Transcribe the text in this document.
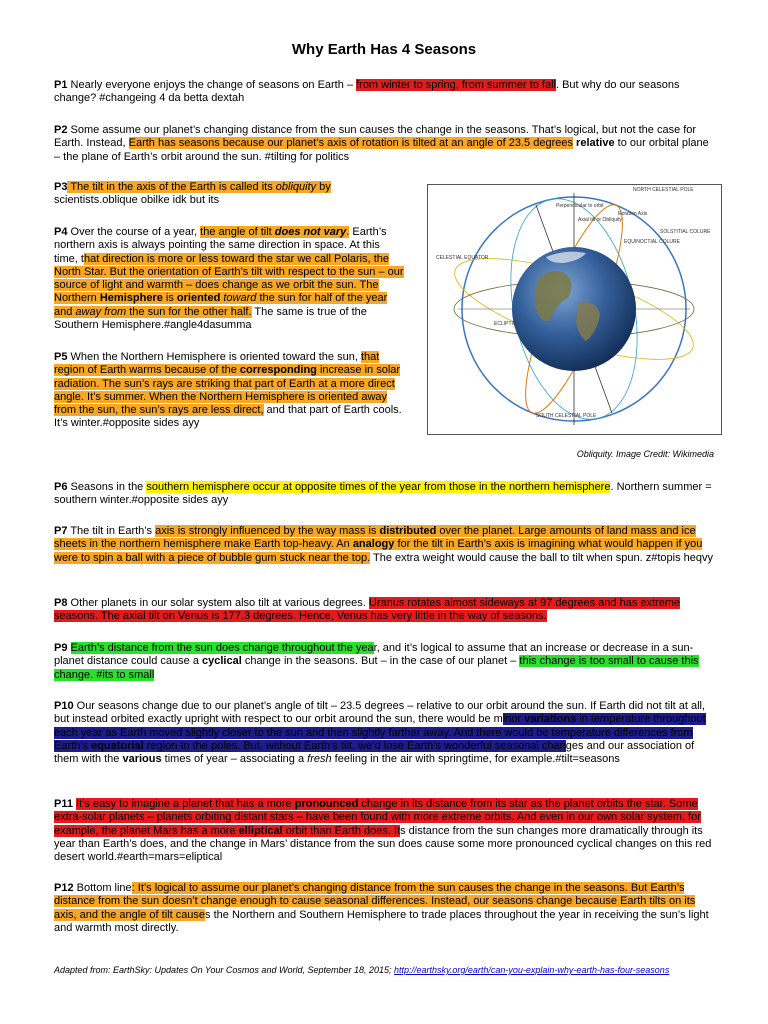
Why Earth Has 4 Seasons
P1 Nearly everyone enjoys the change of seasons on Earth – from winter to spring, from summer to fall. But why do our seasons change? #changeing 4 da betta dextah
P2 Some assume our planet’s changing distance from the sun causes the change in the seasons. That’s logical, but not the case for Earth. Instead, Earth has seasons because our planet’s axis of rotation is tilted at an angle of 23.5 degrees relative to our orbital plane – the plane of Earth’s orbit around the sun. #tilting for politics
P3 The tilt in the axis of the Earth is called its obliquity by scientists.oblique obilke idk but its
P4 Over the course of a year, the angle of tilt does not vary. Earth’s northern axis is always pointing the same direction in space. At this time, that direction is more or less toward the star we call Polaris, the North Star. But the orientation of Earth’s tilt with respect to the sun – our source of light and warmth – does change as we orbit the sun. The Northern Hemisphere is oriented toward the sun for half of the year and away from the sun for the other half. The same is true of the Southern Hemisphere.#angle4dasumma
P5 When the Northern Hemisphere is oriented toward the sun, that region of Earth warms because of the corresponding increase in solar radiation. The sun’s rays are striking that part of Earth at a more direct angle. It’s summer. When the Northern Hemisphere is oriented away from the sun, the sun’s rays are less direct, and that part of Earth cools. It’s winter.#opposite sides ayy
NORTH CELESTIAL POLE
Perpendicular to orbit
Axial tilt or Obliquity
Rotation Axis
CELESTIAL EQUATOR
EQUINOCTIAL COLURE
SOLSTITIAL COLURE
ECLIPTIC
SOUTH CELESTIAL POLE
Obliquity. Image Credit: Wikimedia
P6 Seasons in the southern hemisphere occur at opposite times of the year from those in the northern hemisphere. Northern summer = southern winter.#opposite sides ayy
P7 The tilt in Earth’s axis is strongly influenced by the way mass is distributed over the planet. Large amounts of land mass and ice sheets in the northern hemisphere make Earth top-heavy. An analogy for the tilt in Earth’s axis is imagining what would happen if you were to spin a ball with a piece of bubble gum stuck near the top. The extra weight would cause the ball to tilt when spun. z#topis heqvy
P8 Other planets in our solar system also tilt at various degrees. Uranus rotates almost sideways at 97 degrees and has extreme seasons. The axial tilt on Venus is 177.3 degrees. Hence, Venus has very little in the way of seasons.
P9 Earth’s distance from the sun does change throughout the year, and it’s logical to assume that an increase or decrease in a sun-planet distance could cause a cyclical change in the seasons. But – in the case of our planet – this change is too small to cause this change. #its to small
P10 Our seasons change due to our planet’s angle of tilt – 23.5 degrees – relative to our orbit around the sun. If Earth did not tilt at all, but instead orbited exactly upright with respect to our orbit around the sun, there would be minor variations in temperature throughout each year as Earth moved slightly closer to the sun and then slightly farther away. And there would be temperature differences from Earth’s equatorial region to the poles. But, without Earth’s tilt, we’d lose Earth’s wonderful seasonal changes and our association of them with the various times of year – associating a fresh feeling in the air with springtime, for example.#tilt=seasons
P11 It’s easy to imagine a planet that has a more pronounced change in its distance from its star as the planet orbits the star. Some extra-solar planets – planets orbiting distant stars – have been found with more extreme orbits. And even in our own solar system, for example, the planet Mars has a more elliptical orbit than Earth does. Its distance from the sun changes more dramatically through its year than Earth’s does, and the change in Mars’ distance from the sun does cause some more pronounced cyclical changes on this red desert world.#earth=mars=eliptical
P12 Bottom line: It’s logical to assume our planet’s changing distance from the sun causes the change in the seasons. But Earth’s distance from the sun doesn’t change enough to cause seasonal differences. Instead, our seasons change because Earth tilts on its axis, and the angle of tilt causes the Northern and Southern Hemisphere to trade places throughout the year in receiving the sun’s light and warmth most directly.
Adapted from: EarthSky: Updates On Your Cosmos and World, September 18, 2015; http://earthsky.org/earth/can-you-explain-why-earth-has-four-seasons
